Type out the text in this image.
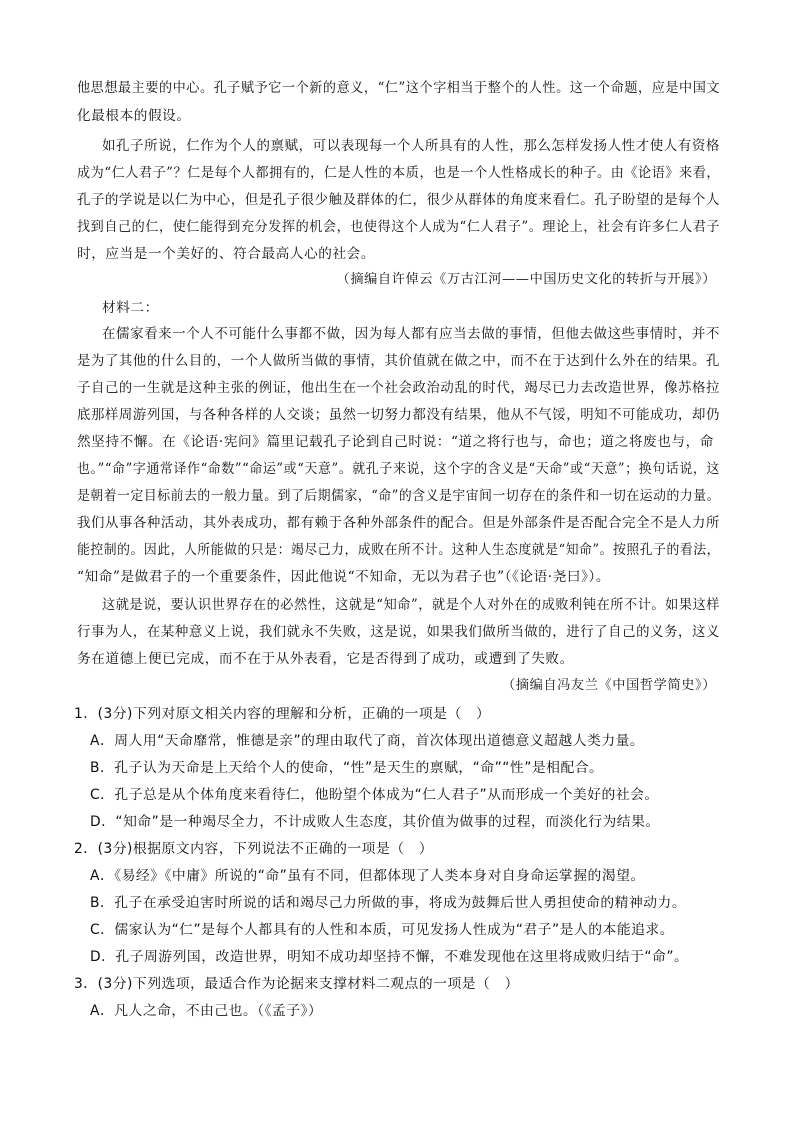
他思想最主要的中心。孔子赋予它一个新的意义，“仁”这个字相当于整个的人性。这一个命题，应是中国文
化最根本的假设。
如孔子所说，仁作为个人的禀赋，可以表现每一个人所具有的人性，那么怎样发扬人性才使人有资格
成为“仁人君子”？仁是每个人都拥有的，仁是人性的本质，也是一个人性格成长的种子。由《论语》来看，
孔子的学说是以仁为中心，但是孔子很少触及群体的仁，很少从群体的角度来看仁。孔子盼望的是每个人
找到自己的仁，使仁能得到充分发挥的机会，也使得这个人成为“仁人君子”。理论上，社会有许多仁人君子
时，应当是一个美好的、符合最高人心的社会。
（摘编自许倬云《万古江河——中国历史文化的转折与开展》）
材料二：
在儒家看来一个人不可能什么事都不做，因为每人都有应当去做的事情，但他去做这些事情时，并不
是为了其他的什么目的，一个人做所当做的事情，其价值就在做之中，而不在于达到什么外在的结果。孔
子自己的一生就是这种主张的例证，他出生在一个社会政治动乱的时代，竭尽已力去改造世界，像苏格拉
底那样周游列国，与各种各样的人交谈；虽然一切努力都没有结果，他从不气馁，明知不可能成功，却仍
然坚持不懈。在《论语·宪问》篇里记载孔子论到自己时说：“道之将行也与，命也；道之将废也与，命
也。”“命”字通常译作“命数”“命运”或“天意”。就孔子来说，这个字的含义是“天命”或“天意”；换句话说，这
是朝着一定目标前去的一般力量。到了后期儒家，“命”的含义是宇宙间一切存在的条件和一切在运动的力量。
我们从事各种活动，其外表成功，都有赖于各种外部条件的配合。但是外部条件是否配合完全不是人力所
能控制的。因此，人所能做的只是：竭尽己力，成败在所不计。这种人生态度就是“知命”。按照孔子的看法，
“知命”是做君子的一个重要条件，因此他说“不知命，无以为君子也”（《论语·尧曰》）。
这就是说，要认识世界存在的必然性，这就是“知命”，就是个人对外在的成败利钝在所不计。如果这样
行事为人，在某种意义上说，我们就永不失败，这是说，如果我们做所当做的，进行了自己的义务，这义
务在道德上便已完成，而不在于从外表看，它是否得到了成功，或遭到了失败。
（摘编自冯友兰《中国哲学简史》）
1．(3分)下列对原文相关内容的理解和分析，正确的一项是（　）
A．周人用“天命靡常，惟德是亲”的理由取代了商，首次体现出道德意义超越人类力量。
B．孔子认为天命是上天给个人的使命，“性”是天生的禀赋，“命”“性”是相配合。
C．孔子总是从个体角度来看待仁，他盼望个体成为“仁人君子”从而形成一个美好的社会。
D．“知命”是一种竭尽全力，不计成败人生态度，其价值为做事的过程，而淡化行为结果。
2．(3分)根据原文内容，下列说法不正确的一项是（　）
A．《易经》《中庸》所说的“命”虽有不同，但都体现了人类本身对自身命运掌握的渴望。
B．孔子在承受迫害时所说的话和竭尽己力所做的事，将成为鼓舞后世人勇担使命的精神动力。
C．儒家认为“仁”是每个人都具有的人性和本质，可见发扬人性成为“君子”是人的本能追求。
D．孔子周游列国，改造世界，明知不成功却坚持不懈，不难发现他在这里将成败归结于“命”。
3．(3分)下列选项，最适合作为论据来支撑材料二观点的一项是（　）
A．凡人之命，不由己也。（《孟子》）
